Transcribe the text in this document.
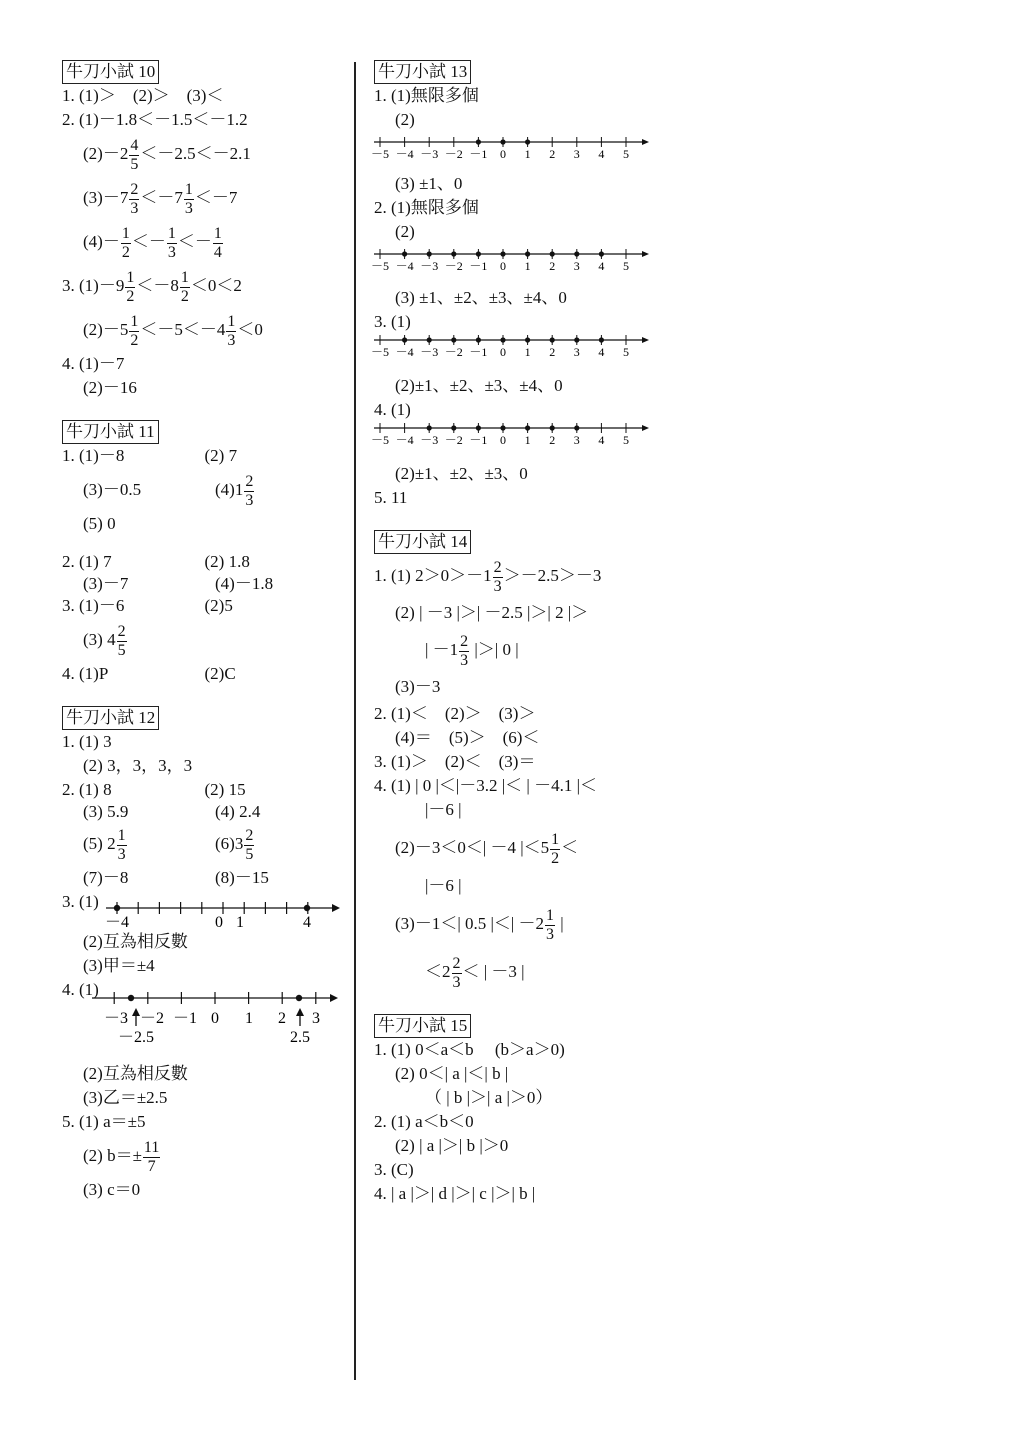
牛刀小試 10
1. (1)＞　(2)＞　(3)＜
2. (1)－1.8＜－1.5＜－1.2
$(2)-2 \frac{4}{5} <-2.5<-2.1$
$(3)-7 \frac{2}{3} <-7 \frac{1}{3} <-7$
$(4)- \frac{1}{2} <- \frac{1}{3} <- \frac{1}{4}$
3. $(1)-9 \frac{1}{2} <-8 \frac{1}{2} <0<2$
$(2)-5 \frac{1}{2} <-5<-4 \frac{1}{3} <0$
4. (1)－7
(2)－16
牛刀小試 11
1. (1)－8	(2) 7
(3)－0.5	$(4)1 \frac{2}{3}$
(5) 0
2. (1) 7	(2) 1.8
(3)－7	(4)－1.8
3. (1)－6	(2)5
(3) $4 \frac{2}{5}$
4. (1)P	(2)C
牛刀小試 12
1. (1) 3
(2) 3，3，3，3
2. (1) 8	(2) 15
(3) 5.9	(4) 2.4
(5) $2 \frac{1}{3}$	$(6)3 \frac{2}{5}$
(7)－8	(8)－15
3. (1)
－4	0 1	4
(2)互為相反數
(3)甲＝±4
4. (1)
－3 －2 －1 0 1 2 3
－2.5	2.5
(2)互為相反數
(3)乙＝±2.5
5. (1) a＝±5
(2) $b=\pm \frac{11}{7}$
(3) c＝0
牛刀小試 13
1. (1)無限多個
(2)
－5 －4 －3 －2 －1 0 1 2 3 4 5
(3) ±1、0
2. (1)無限多個
(2)
－5 －4 －3 －2 －1 0 1 2 3 4 5
(3) ±1、±2、±3、±4、0
3. (1)
－5 －4 －3 －2 －1 0 1 2 3 4 5
(2)±1、±2、±3、±4、0
4. (1)
－5 －4 －3 －2 －1 0 1 2 3 4 5
(2)±1、±2、±3、0
5. 11
牛刀小試 14
1. (1) $2>0>-1 \frac{2}{3} >-2.5>-3$
(2) | －3 |＞| －2.5 |＞| 2 |＞
| $-1 \frac{2}{3}$ |＞| 0 |
(3)－3
2. (1)＜　(2)＞　(3)＞
(4)＝　(5)＞　(6)＜
3. (1)＞　(2)＜　(3)＝
4. (1) | 0 |＜|－3.2 |＜ | －4.1 |＜
|－6 |
(2)－3＜0＜| －4 $|<5 \frac{1}{2}$ ＜
|－6 |
(3)－1＜| 0.5 |＜| $-2 \frac{1}{3}$ |
$<2 \frac{2}{3}$ ＜ | －3 |
牛刀小試 15
1. (1) 0＜a＜b　 (b＞a＞0)
(2) 0＜| a |＜| b |
（ | b |＞| a |＞0）
2. (1) a＜b＜0
(2) | a |＞| b |＞0
3. (C)
4. | a |＞| d |＞| c |＞| b |
